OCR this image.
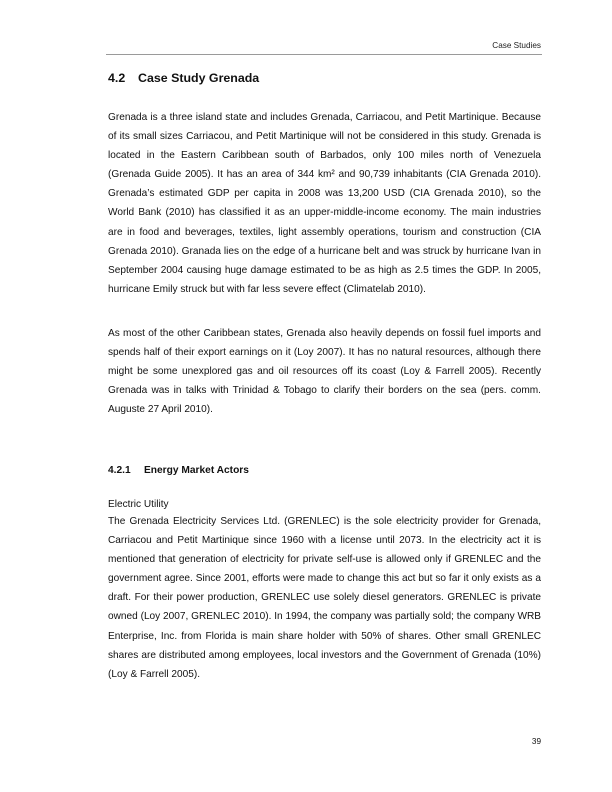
Case Studies
4.2 Case Study Grenada

Grenada is a three island state and includes Grenada, Carriacou, and Petit Martinique. Because of its small sizes Carriacou, and Petit Martinique will not be considered in this study. Grenada is located in the Eastern Caribbean south of Barbados, only 100 miles north of Venezuela (Grenada Guide 2005). It has an area of 344 km² and 90,739 inhabitants (CIA Grenada 2010). Grenada’s estimated GDP per capita in 2008 was 13,200 USD (CIA Grenada 2010), so the World Bank (2010) has classified it as an upper-middle-income economy. The main industries are in food and beverages, textiles, light assembly operations, tourism and construction (CIA Grenada 2010). Granada lies on the edge of a hurricane belt and was struck by hurricane Ivan in September 2004 causing huge damage estimated to be as high as 2.5 times the GDP. In 2005, hurricane Emily struck but with far less severe effect (Climatelab 2010).

As most of the other Caribbean states, Grenada also heavily depends on fossil fuel imports and spends half of their export earnings on it (Loy 2007). It has no natural resources, although there might be some unexplored gas and oil resources off its coast (Loy & Farrell 2005). Recently Grenada was in talks with Trinidad & Tobago to clarify their borders on the sea (pers. comm. Auguste 27 April 2010).

4.2.1 Energy Market Actors
Electric Utility

The Grenada Electricity Services Ltd. (GRENLEC) is the sole electricity provider for Grenada, Carriacou and Petit Martinique since 1960 with a license until 2073. In the electricity act it is mentioned that generation of electricity for private self-use is allowed only if GRENLEC and the government agree. Since 2001, efforts were made to change this act but so far it only exists as a draft. For their power production, GRENLEC use solely diesel generators. GRENLEC is private owned (Loy 2007, GRENLEC 2010). In 1994, the company was partially sold; the company WRB Enterprise, Inc. from Florida is main share holder with 50% of shares. Other small GRENLEC shares are distributed among employees, local investors and the Government of Grenada (10%) (Loy & Farrell 2005).

39
